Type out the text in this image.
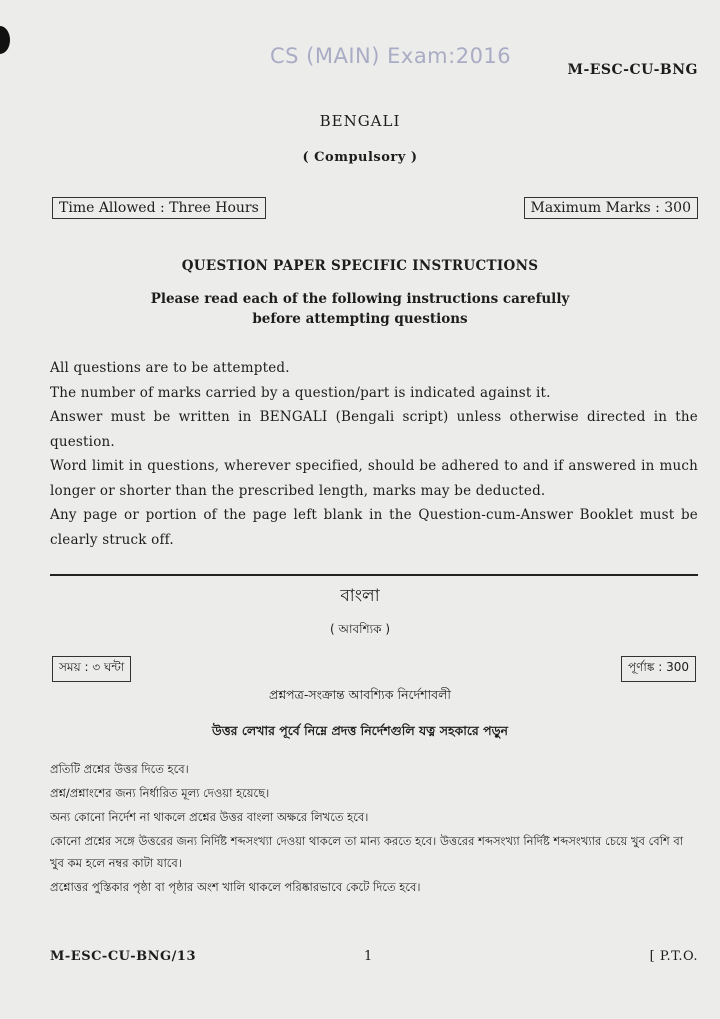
CS (MAIN) Exam:2016
M-ESC-CU-BNG
BENGALI
( Compulsory )
Time Allowed : Three Hours	Maximum Marks : 300
QUESTION PAPER SPECIFIC INSTRUCTIONS
Please read each of the following instructions carefully
before attempting questions

All questions are to be attempted.

The number of marks carried by a question/part is indicated against it.

Answer must be written in BENGALI (Bengali script) unless otherwise directed in the question.

Word limit in questions, wherever specified, should be adhered to and if answered in much longer or shorter than the prescribed length, marks may be deducted.

Any page or portion of the page left blank in the Question-cum-Answer Booklet must be clearly struck off.

বাংলা
( আবশ্যিক )
সময় : ৩ ঘন্টা	পূর্ণাঙ্ক : 300
প্রশ্নপত্র-সংক্রান্ত আবশ্যিক নির্দেশাবলী
উত্তর লেখার পূর্বে নিম্নে প্রদত্ত নির্দেশগুলি যত্ন সহকারে পড়ুন

প্রতিটি প্রশ্নের উত্তর দিতে হবে।

প্রশ্ন/প্রশ্নাংশের জন্য নির্ধারিত মূল্য দেওয়া হয়েছে।

অন্য কোনো নির্দেশ না থাকলে প্রশ্নের উত্তর বাংলা অক্ষরে লিখতে হবে।

কোনো প্রশ্নের সঙ্গে উত্তরের জন্য নির্দিষ্ট শব্দসংখ্যা দেওয়া থাকলে তা মান্য করতে হবে। উত্তরের শব্দসংখ্যা নির্দিষ্ট শব্দসংখ্যার চেয়ে খুব বেশি বা খুব কম হলে নম্বর কাটা যাবে।

প্রশ্নোত্তর পুস্তিকার পৃষ্ঠা বা পৃষ্ঠার অংশ খালি থাকলে পরিষ্কারভাবে কেটে দিতে হবে।

M-ESC-CU-BNG/13	1	[ P.T.O.
